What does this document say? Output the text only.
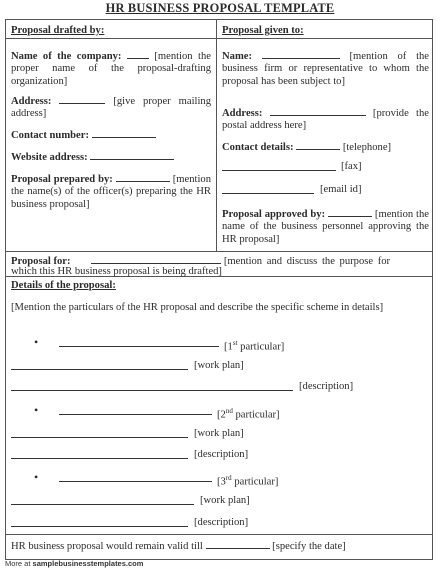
HR BUSINESS PROPOSAL TEMPLATE
Proposal drafted by:
Name of the company:	[mention the proper name of the proposal-drafting organization]
Address:	[give proper mailing address]
Contact number:
Website address:
Proposal prepared by:	[mention the name(s) of the officer(s) preparing the HR business proposal]
Proposal given to:
Name:	[mention of the business firm or representative to whom the proposal has been subject to]
Address:	[provide the postal address here]
Contact details:	[telephone]
[fax]
[email id]
Proposal approved by:	[mention the name of the business personnel approving the HR proposal]
Proposal for:	[mention and discuss the purpose for
which this HR business proposal is being drafted]
Details of the proposal:
[Mention the particulars of the HR proposal and describe the specific scheme in details]
•	[1st particular]
[work plan]
[description]
•	[2nd particular]
[work plan]
[description]
•	[3rd particular]
[work plan]
[description]
HR business proposal would remain valid till	[specify the date]
More at samplebusinesstemplates.com
